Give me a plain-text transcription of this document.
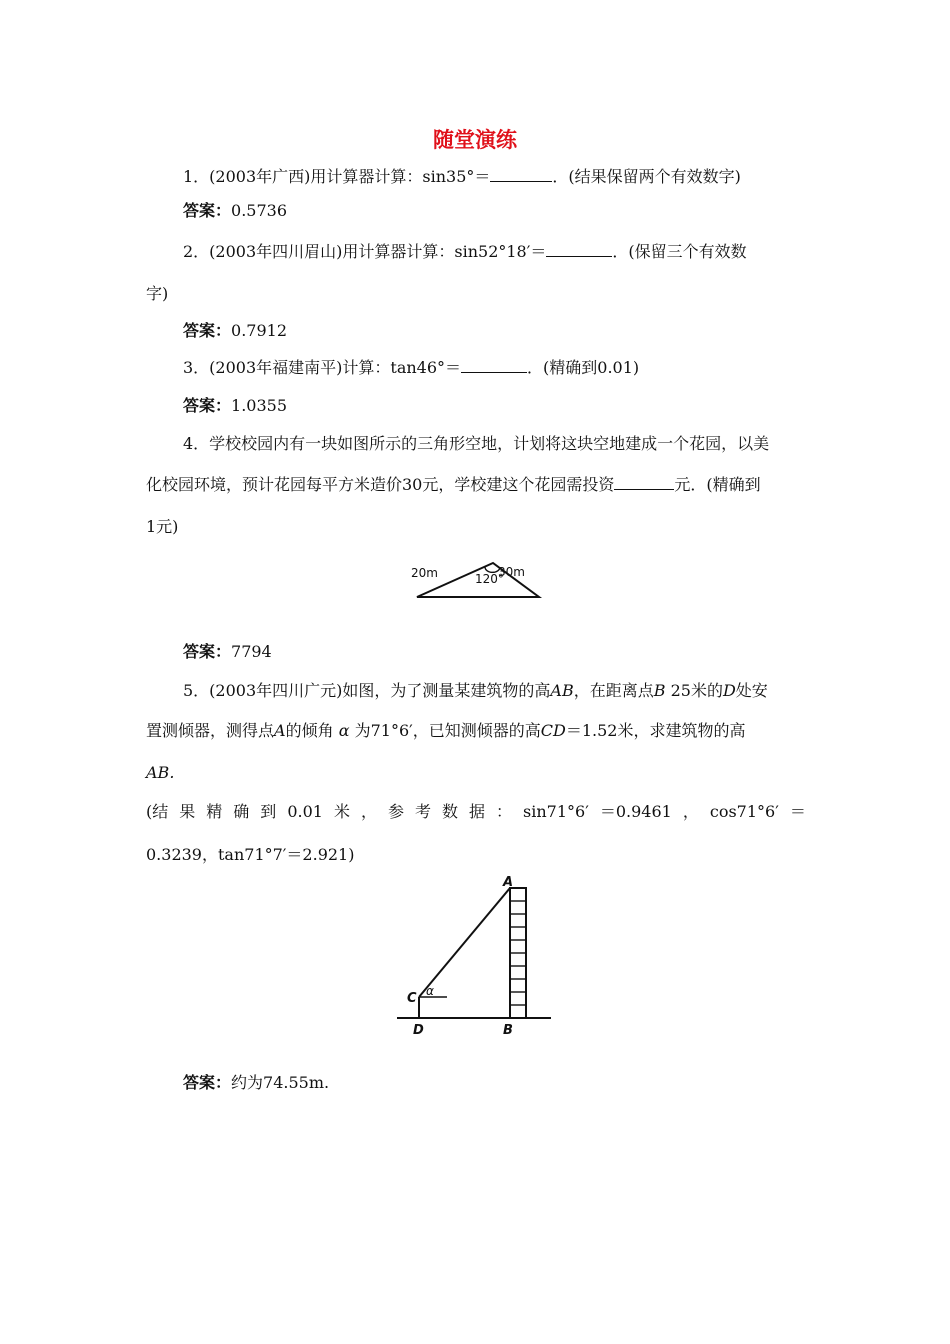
随堂演练
1．(2003年广西)用计算器计算：sin35°＝	．(结果保留两个有效数字)
答案：0.5736
2．(2003年四川眉山)用计算器计算：sin52°18′＝	．(保留三个有效数
字)
答案：0.7912
3．(2003年福建南平)计算：tan46°＝	．(精确到0.01)
答案：1.0355
4．学校校园内有一块如图所示的三角形空地，计划将这块空地建成一个花园，以美
化校园环境，预计花园每平方米造价30元，学校建这个花园需投资	元．(精确到
1元)
20m	30m
120°
答案：7794
5．(2003年四川广元)如图，为了测量某建筑物的高AB，在距离点B 25米的D处安
置测倾器，测得点A的倾角 α 为71°6′，已知测倾器的高CD＝1.52米，求建筑物的高
AB.
(结 果 精 确 到 0.01 米 ， 参 考 数 据 ： sin71°6′ ＝0.9461 ， cos71°6′ ＝
0.3239，tan71°7′＝2.921)
A
B
C
D
α
答案：约为74.55m.
